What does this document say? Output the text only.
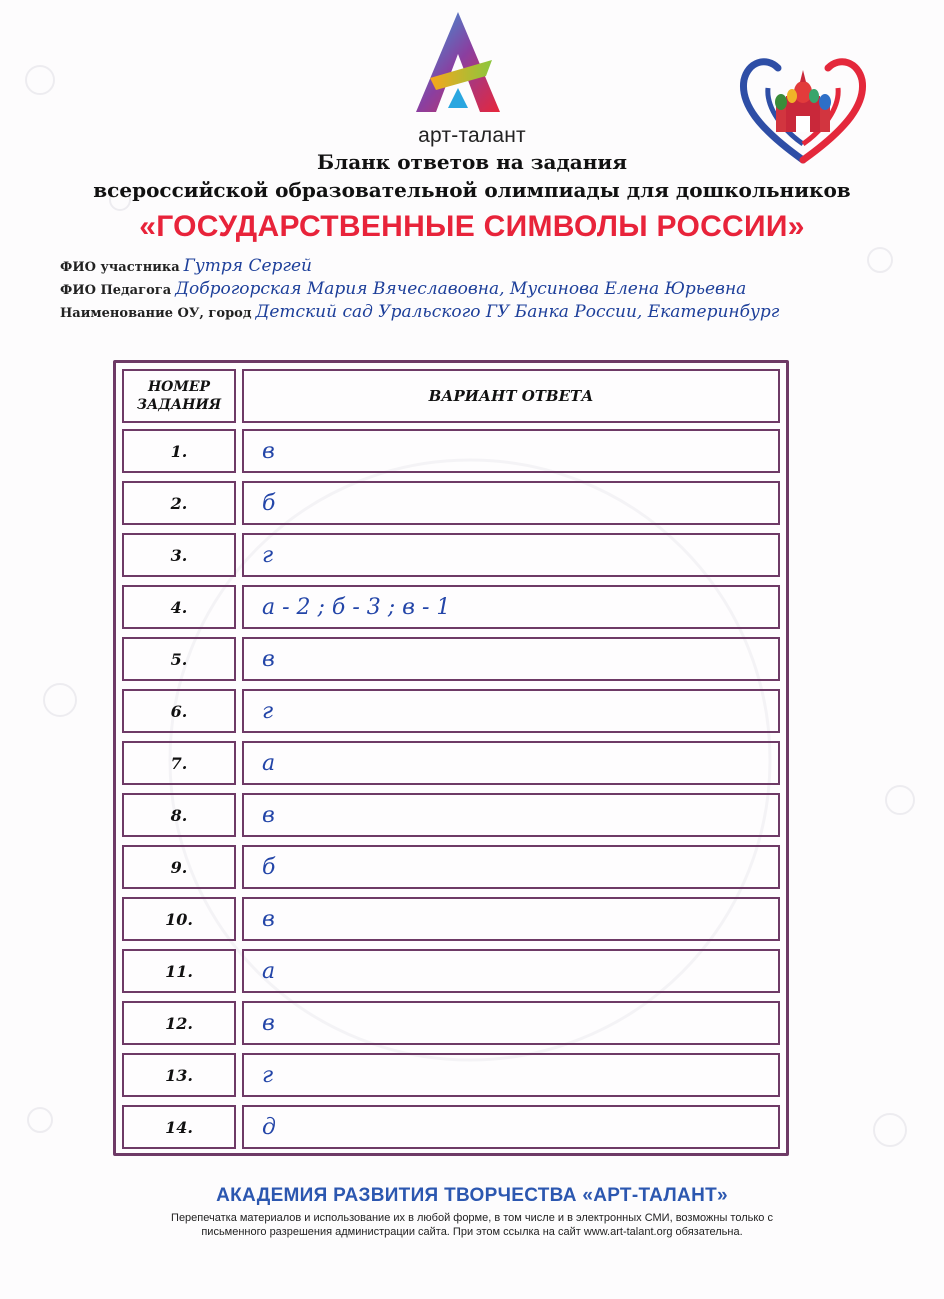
арт-талант
Бланк ответов на задания
всероссийской образовательной олимпиады для дошкольников
«ГОСУДАРСТВЕННЫЕ СИМВОЛЫ РОССИИ»
ФИО участника Гутря Сергей
ФИО Педагога Доброгорская Мария Вячеславовна, Мусинова Елена Юрьевна
Наименование ОУ, город Детский сад Уральского ГУ Банка России, Екатеринбург
НОМЕР
ЗАДАНИЯ	ВАРИАНТ ОТВЕТА
1.	в
2.	б
3.	г
4.	а - 2 ; б - 3 ; в - 1
5.	в
6.	г
7.	а
8.	в
9.	б
10.	в
11.	а
12.	в
13.	г
14.	д
АКАДЕМИЯ РАЗВИТИЯ ТВОРЧЕСТВА «АРТ-ТАЛАНТ»
Перепечатка материалов и использование их в любой форме, в том числе и в электронных СМИ, возможны только с
письменного разрешения администрации сайта. При этом ссылка на сайт www.art-talant.org обязательна.
